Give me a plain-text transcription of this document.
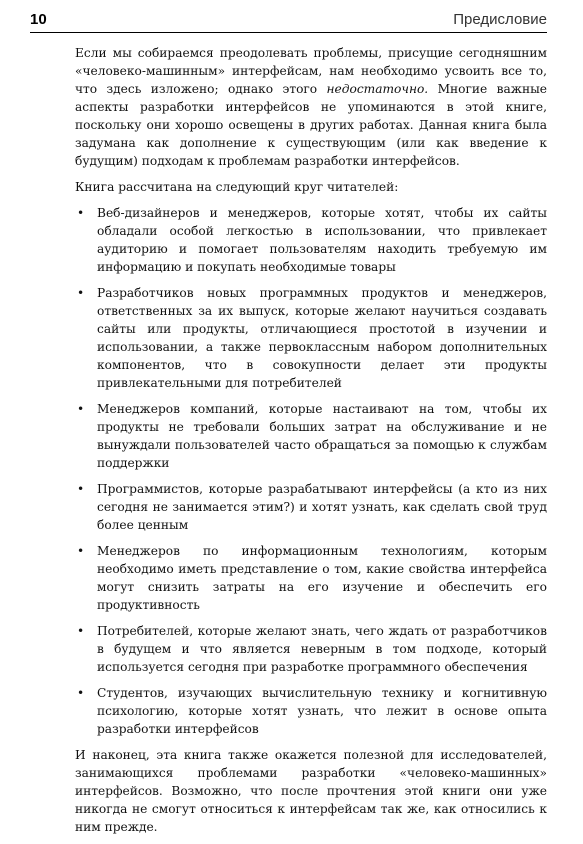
10	Предисловие

Если мы собираемся преодолевать проблемы, присущие сегодняшним «человеко-машинным» интерфейсам, нам необходимо усвоить все то, что здесь изложено; однако этого недостаточно. Многие важные аспекты разработки интерфейсов не упоминаются в этой книге, поскольку они хорошо освещены в других работах. Данная книга была задумана как дополнение к существующим (или как введение к будущим) подходам к проблемам разработки интерфейсов.

Книга рассчитана на следующий круг читателей:

• Веб-дизайнеров и менеджеров, которые хотят, чтобы их сайты обладали особой легкостью в использовании, что привлекает аудиторию и помогает пользователям находить требуемую им информацию и покупать необходимые товары
• Разработчиков новых программных продуктов и менеджеров, ответственных за их выпуск, которые желают научиться создавать сайты или продукты, отличающиеся простотой в изучении и использовании, а также первоклассным набором дополнительных компонентов, что в совокупности делает эти продукты привлекательными для потребителей
• Менеджеров компаний, которые настаивают на том, чтобы их продукты не требовали больших затрат на обслуживание и не вынуждали пользователей часто обращаться за помощью к службам поддержки
• Программистов, которые разрабатывают интерфейсы (а кто из них сегодня не занимается этим?) и хотят узнать, как сделать свой труд более ценным
• Менеджеров по информационным технологиям, которым необходимо иметь представление о том, какие свойства интерфейса могут снизить затраты на его изучение и обеспечить его продуктивность
• Потребителей, которые желают знать, чего ждать от разработчиков в будущем и что является неверным в том подходе, который используется сегодня при разработке программного обеспечения
• Студентов, изучающих вычислительную технику и когнитивную психологию, которые хотят узнать, что лежит в основе опыта разработки интерфейсов

И наконец, эта книга также окажется полезной для исследователей, занимающихся проблемами разработки «человеко-машинных» интерфейсов. Возможно, что после прочтения этой книги они уже никогда не смогут относиться к интерфейсам так же, как относились к ним прежде.
